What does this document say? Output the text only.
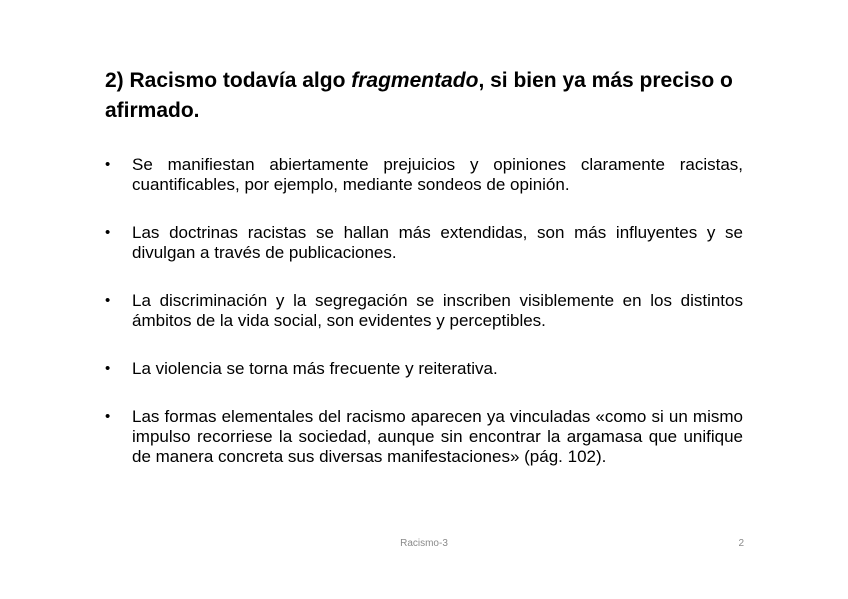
2) Racismo todavía algo fragmentado, si bien ya más preciso o afirmado.
• Se manifiestan abiertamente prejuicios y opiniones claramente racistas, cuantificables, por ejemplo, mediante sondeos de opinión.
• Las doctrinas racistas se hallan más extendidas, son más influyentes y se divulgan a través de publicaciones.
• La discriminación y la segregación se inscriben visiblemente en los distintos ámbitos de la vida social, son evidentes y perceptibles.
• La violencia se torna más frecuente y reiterativa.
• Las formas elementales del racismo aparecen ya vinculadas «como si un mismo impulso recorriese la sociedad, aunque sin encontrar la argamasa que unifique de manera concreta sus diversas manifestaciones» (pág. 102).
Racismo-3	2
